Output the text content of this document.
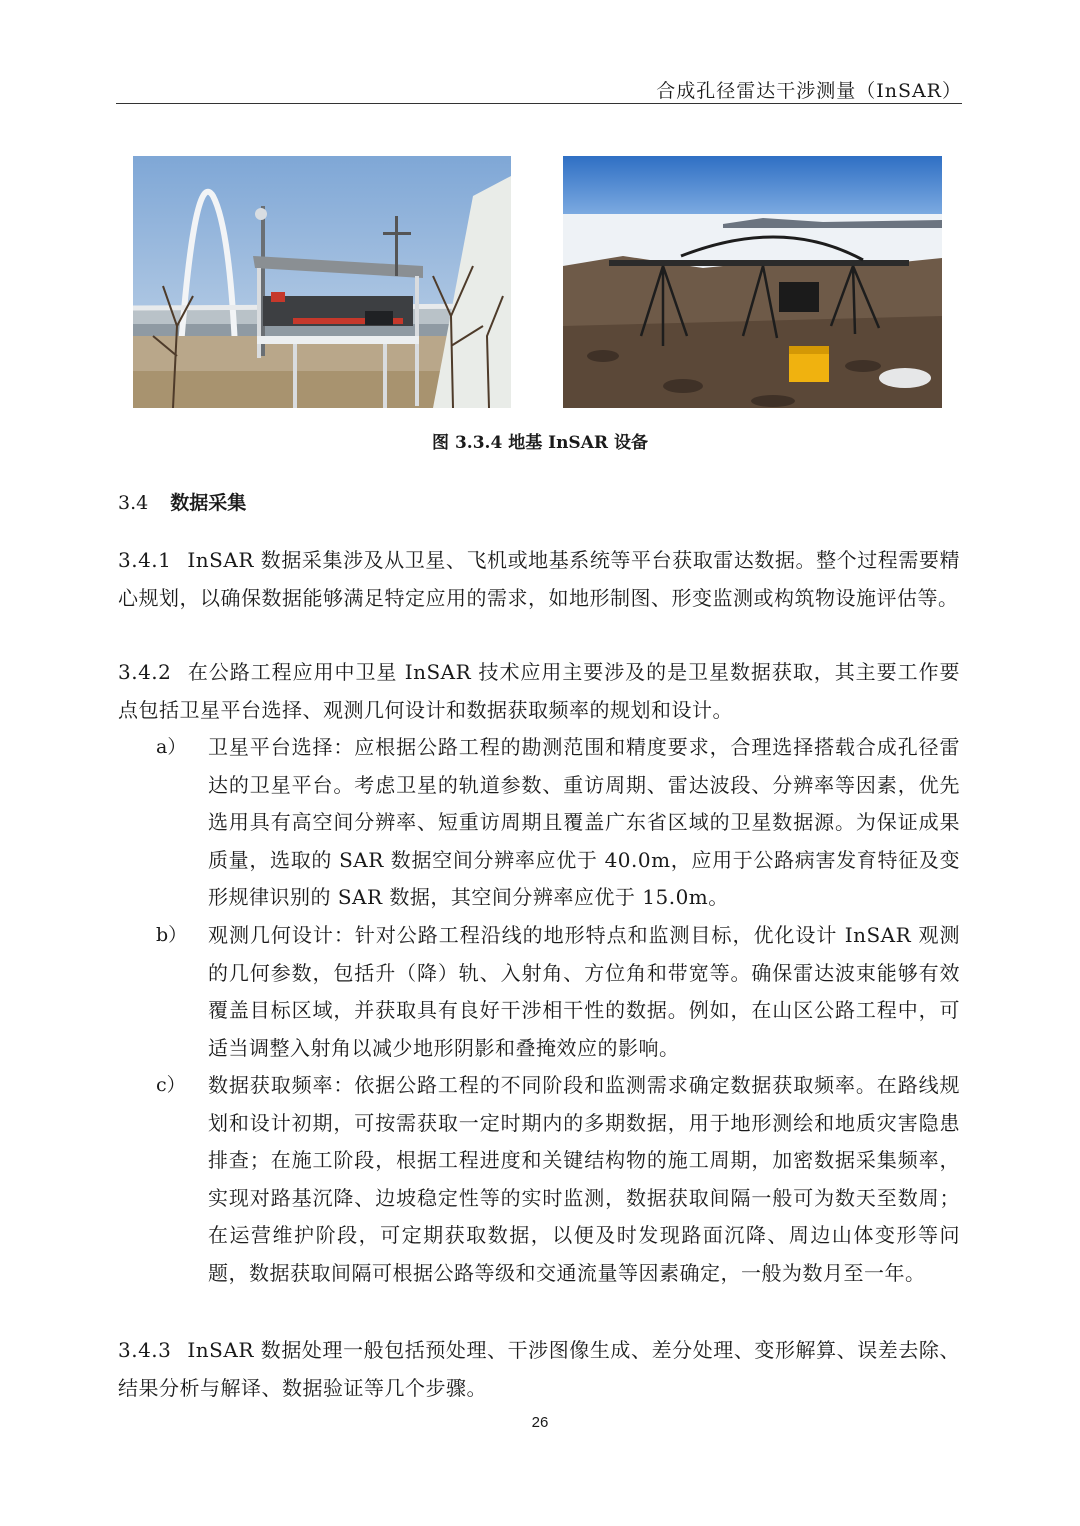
合成孔径雷达干涉测量（InSAR）
图 3.3.4 地基 InSAR 设备
3.4 数据采集
3.4.1 InSAR 数据采集涉及从卫星、飞机或地基系统等平台获取雷达数据。整个过程需要精心规划，以确保数据能够满足特定应用的需求，如地形制图、形变监测或构筑物设施评估等。
3.4.2 在公路工程应用中卫星 InSAR 技术应用主要涉及的是卫星数据获取，其主要工作要点包括卫星平台选择、观测几何设计和数据获取频率的规划和设计。
a） 卫星平台选择：应根据公路工程的勘测范围和精度要求，合理选择搭载合成孔径雷达的卫星平台。考虑卫星的轨道参数、重访周期、雷达波段、分辨率等因素，优先选用具有高空间分辨率、短重访周期且覆盖广东省区域的卫星数据源。为保证成果质量，选取的 SAR 数据空间分辨率应优于 40.0m，应用于公路病害发育特征及变形规律识别的 SAR 数据，其空间分辨率应优于 15.0m。
b） 观测几何设计：针对公路工程沿线的地形特点和监测目标，优化设计 InSAR 观测的几何参数，包括升（降）轨、入射角、方位角和带宽等。确保雷达波束能够有效覆盖目标区域，并获取具有良好干涉相干性的数据。例如，在山区公路工程中，可适当调整入射角以减少地形阴影和叠掩效应的影响。
c） 数据获取频率：依据公路工程的不同阶段和监测需求确定数据获取频率。在路线规划和设计初期，可按需获取一定时期内的多期数据，用于地形测绘和地质灾害隐患排查；在施工阶段，根据工程进度和关键结构物的施工周期，加密数据采集频率，实现对路基沉降、边坡稳定性等的实时监测，数据获取间隔一般可为数天至数周；在运营维护阶段，可定期获取数据，以便及时发现路面沉降、周边山体变形等问题，数据获取间隔可根据公路等级和交通流量等因素确定，一般为数月至一年。
3.4.3 InSAR 数据处理一般包括预处理、干涉图像生成、差分处理、变形解算、误差去除、结果分析与解译、数据验证等几个步骤。
26
